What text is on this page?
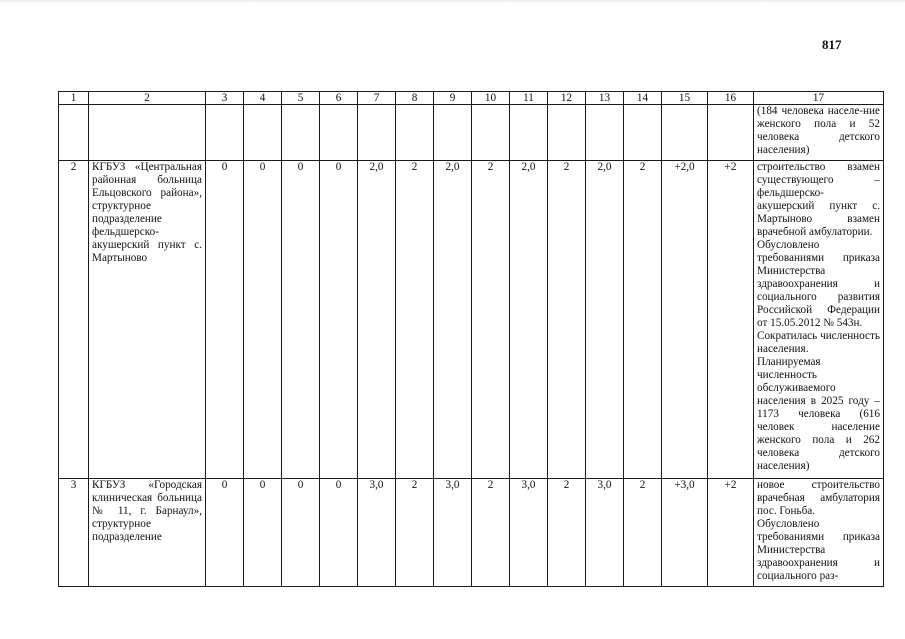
817
1	2	3	4	5	6	7	8	9	10	11	12	13	14	15	16	17

																(184 человека населе-ние женского пола и 52 человека детского населения)

2	КГБУЗ «Центральная районная больница Ельцовского района», структурное подразделение фельдшерско-акушерский пункт с. Мартыново	0	0	0	0	2,0	2	2,0	2	2,0	2	2,0	2	+2,0	+2	строительство взамен существующего – фельдшерско-акушерский пункт с. Мартыново взамен врачебной амбулатории.
Обусловлено требованиями приказа Министерства здравоохранения и социального развития Российской Федерации от 15.05.2012 № 543н.
Сократилась численность населения.
Планируемая численность обслуживаемого населения в 2025 году – 1173 человека (616 человек население женского пола и 262 человека детского населения)

3	КГБУЗ «Городская клиническая больница № 11, г. Барнаул», структурное подразделение	0	0	0	0	3,0	2	3,0	2	3,0	2	3,0	2	+3,0	+2	новое строительство врачебная амбулатория пос. Гоньба.
Обусловлено требованиями приказа Министерства здравоохранения и социального раз-
